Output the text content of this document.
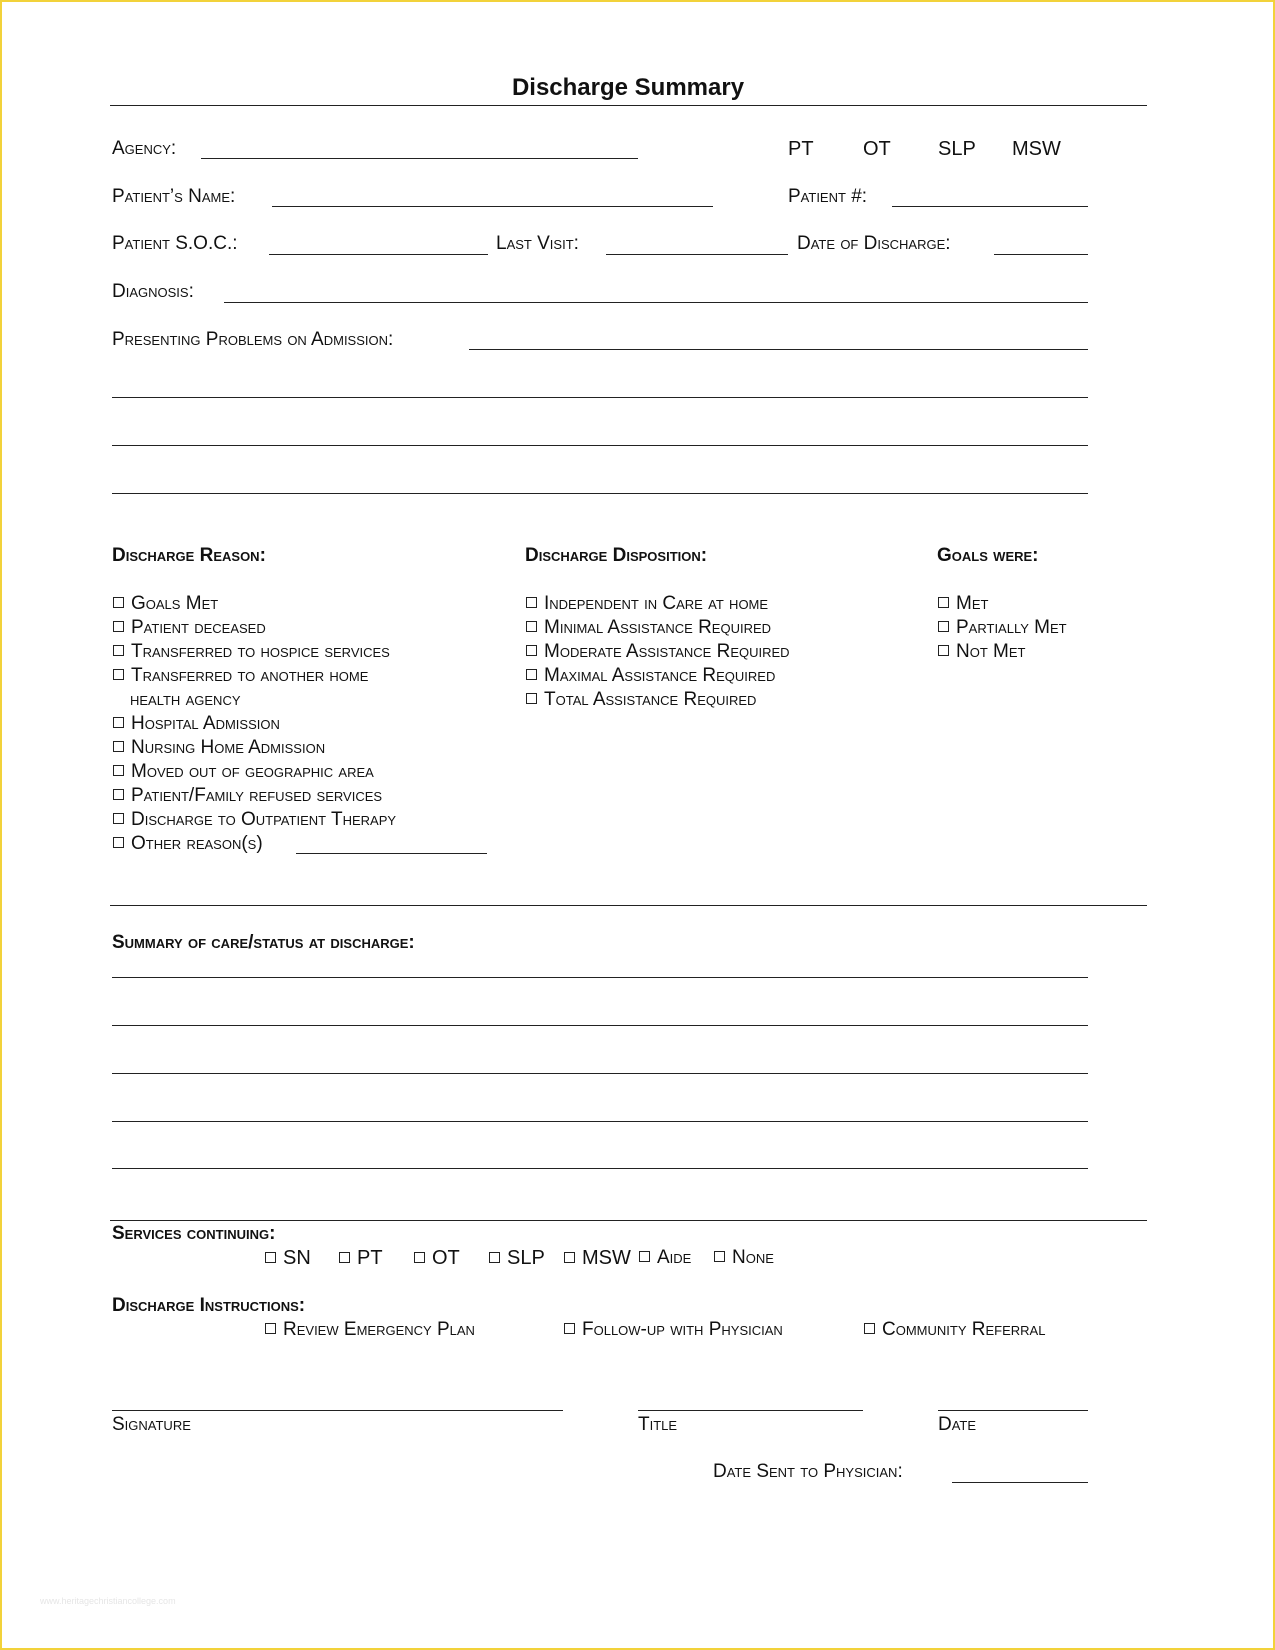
Discharge Summary
Agency:	PT OT SLP MSW
Patient’s Name:	Patient #:
Patient S.O.C.:	Last Visit:	Date of Discharge:
Diagnosis:
Presenting Problems on Admission:
Discharge Reason:
Goals Met
Patient deceased
Transferred to hospice services
Transferred to another home
health agency
Hospital Admission
Nursing Home Admission
Moved out of geographic area
Patient/Family refused services
Discharge to Outpatient Therapy
Other reason(s)
Discharge Disposition:
Independent in Care at home
Minimal Assistance Required
Moderate Assistance Required
Maximal Assistance Required
Total Assistance Required
Goals were:
Met
Partially Met
Not Met
Summary of care/status at discharge:
Services continuing:
SN	PT	OT	SLP	MSW	Aide	None
Discharge Instructions:
Review Emergency Plan	Follow-up with Physician	Community Referral
Signature	Title	Date
Date Sent to Physician:
www.heritagechristiancollege.com
